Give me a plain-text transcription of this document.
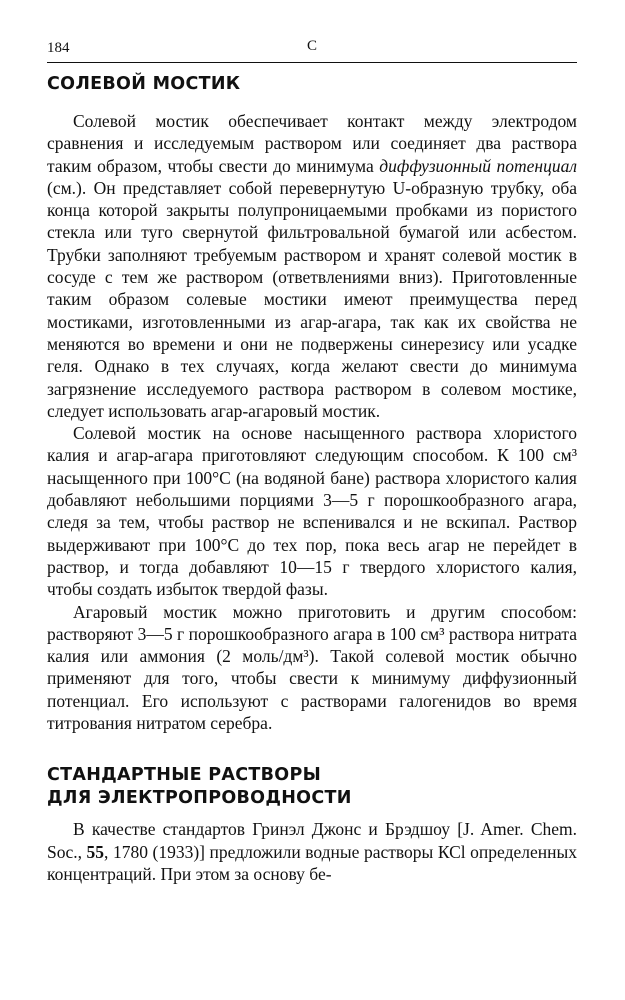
184	С
СОЛЕВОЙ МОСТИК

Солевой мостик обеспечивает контакт между электродом сравнения и исследуемым раствором или соединяет два раствора таким образом, чтобы свести до минимума диффузионный потенциал (см.). Он представляет собой перевернутую U-образную трубку, оба конца которой закрыты полупроницаемыми пробками из пористого стекла или туго свернутой фильтровальной бумагой или асбестом. Трубки заполняют требуемым раствором и хранят солевой мостик в сосуде с тем же раствором (ответвлениями вниз). Приготовленные таким образом солевые мостики имеют преимущества перед мостиками, изготовленными из агар-агара, так как их свойства не меняются во времени и они не подвержены синерезису или усадке геля. Однако в тех случаях, когда желают свести до минимума загрязнение исследуемого раствора раствором в солевом мостике, следует использовать агар-агаровый мостик.

Солевой мостик на основе насыщенного раствора хлористого калия и агар-агара приготовляют следующим способом. К 100 см³ насыщенного при 100°С (на водяной бане) раствора хлористого калия добавляют небольшими порциями 3—5 г порошкообразного агара, следя за тем, чтобы раствор не вспенивался и не вскипал. Раствор выдерживают при 100°С до тех пор, пока весь агар не перейдет в раствор, и тогда добавляют 10—15 г твердого хлористого калия, чтобы создать избыток твердой фазы.

Агаровый мостик можно приготовить и другим способом: растворяют 3—5 г порошкообразного агара в 100 см³ раствора нитрата калия или аммония (2 моль/дм³). Такой солевой мостик обычно применяют для того, чтобы свести к минимуму диффузионный потенциал. Его используют с растворами галогенидов во время титрования нитратом серебра.

СТАНДАРТНЫЕ РАСТВОРЫ
ДЛЯ ЭЛЕКТРОПРОВОДНОСТИ

В качестве стандартов Гринэл Джонс и Брэдшоу [J. Amer. Chem. Soc., 55, 1780 (1933)] предложили водные растворы КСl определенных концентраций. При этом за основу бе-
